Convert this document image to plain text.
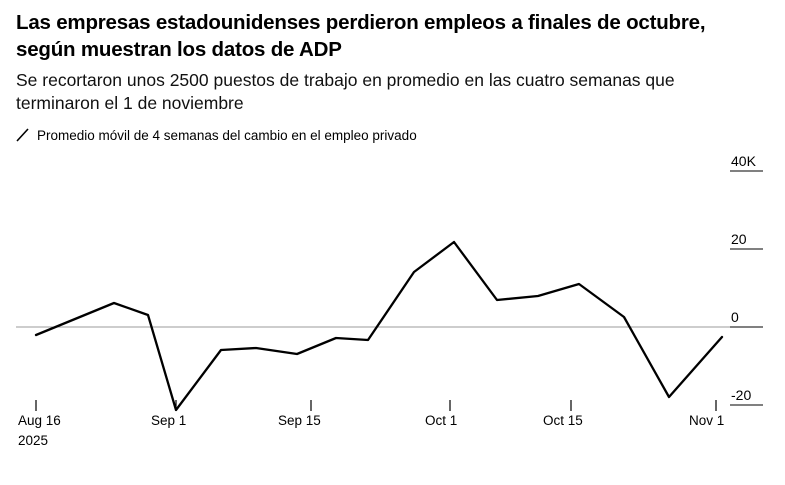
Las empresas estadounidenses perdieron empleos a finales de octubre, según muestran los datos de ADP
Se recortaron unos 2500 puestos de trabajo en promedio en las cuatro semanas que terminaron el 1 de noviembre
Promedio móvil de 4 semanas del cambio en el empleo privado
40K
20
0
-20
Aug 16
2025
Sep 1	Sep 15	Oct 1	Oct 15	Nov 1
